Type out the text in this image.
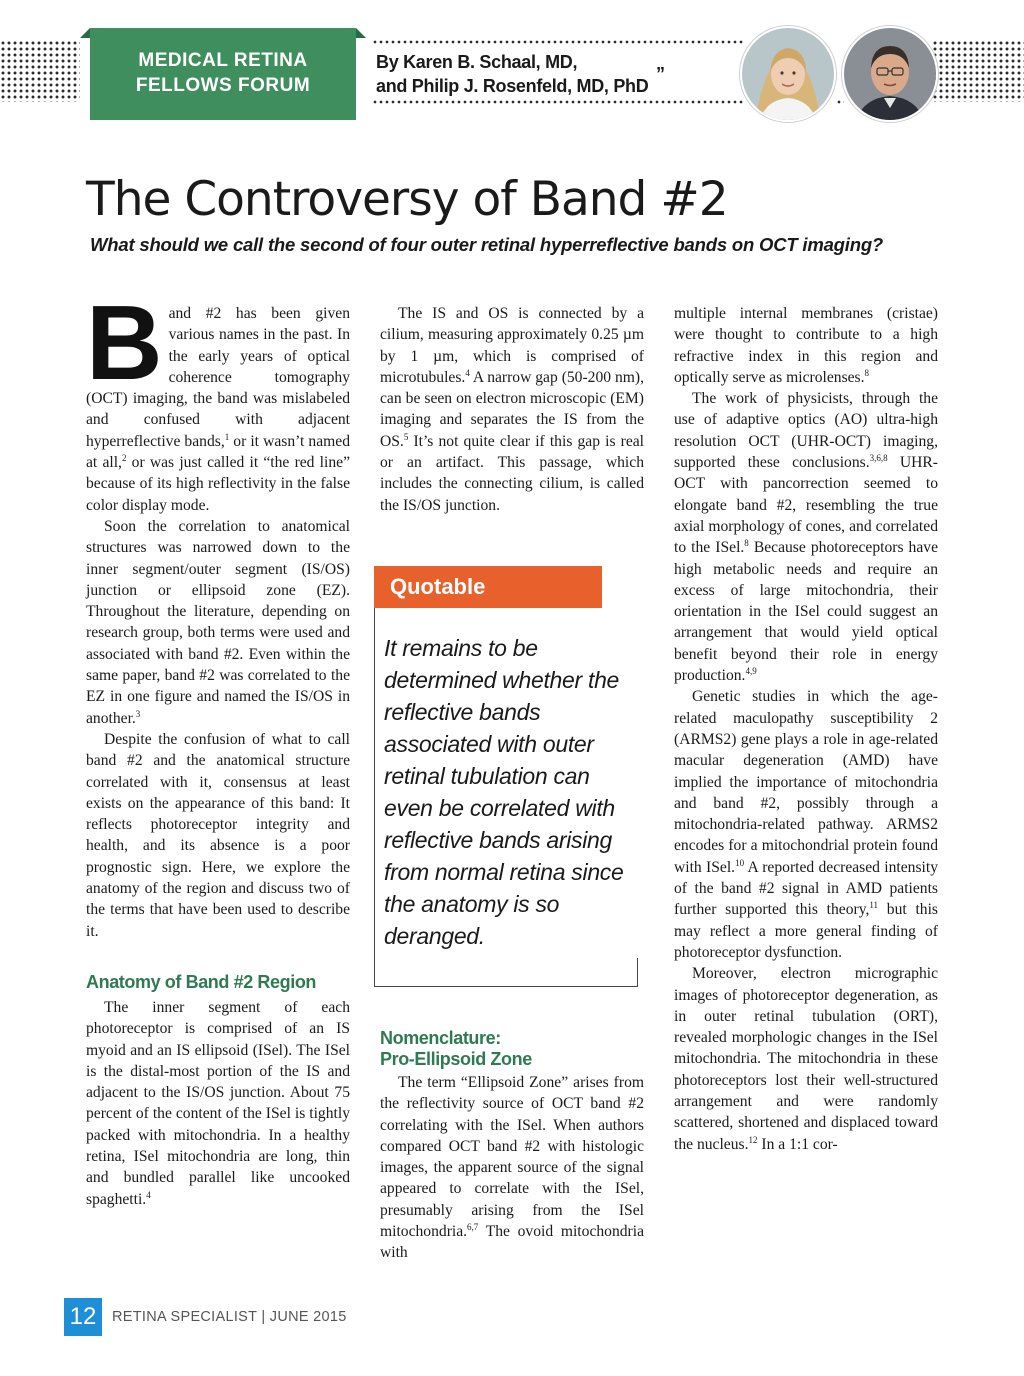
MEDICAL RETINA
FELLOWS FORUM
By Karen B. Schaal, MD,
and Philip J. Rosenfeld, MD, PhD
”
The Controversy of Band #2

What should we call the second of four outer retinal hyperreflective bands on OCT imaging?

Band #2 has been given various names in the past. In the early years of optical coherence tomography (OCT) imaging, the band was mislabeled and confused with adjacent hyperreflective bands,$^1$ or it wasn’t named at all,$^2$ or was just called it “the red line” because of its high reflectivity in the false color display mode.

Soon the correlation to anatomical structures was narrowed down to the inner segment/outer segment (IS/OS) junction or ellipsoid zone (EZ). Throughout the literature, depending on research group, both terms were used and associated with band #2. Even within the same paper, band #2 was correlated to the EZ in one figure and named the IS/OS in another.$^3$

Despite the confusion of what to call band #2 and the anatomical structure correlated with it, consensus at least exists on the appearance of this band: It reflects photoreceptor integrity and health, and its absence is a poor prognostic sign. Here, we explore the anatomy of the region and discuss two of the terms that have been used to describe it.

Anatomy of Band #2 Region

The inner segment of each photoreceptor is comprised of an IS myoid and an IS ellipsoid (ISel). The ISel is the distal-most portion of the IS and adjacent to the IS/OS junction. About 75 percent of the content of the ISel is tightly packed with mitochondria. In a healthy retina, ISel mitochondria are long, thin and bundled parallel like uncooked spaghetti.$^4$

The IS and OS is connected by a cilium, measuring approximately 0.25 µm by 1 µm, which is comprised of microtubules.$^4$ A narrow gap (50-200 nm), can be seen on electron microscopic (EM) imaging and separates the IS from the OS.$^5$ It’s not quite clear if this gap is real or an artifact. This passage, which includes the connecting cilium, is called the IS/OS junction.

Quotable
It remains to be determined whether the reflective bands associated with outer retinal tubulation can even be correlated with reflective bands arising from normal retina since the anatomy is so deranged.
Nomenclature:
Pro-Ellipsoid Zone

The term “Ellipsoid Zone” arises from the reflectivity source of OCT band #2 correlating with the ISel. When authors compared OCT band #2 with histologic images, the apparent source of the signal appeared to correlate with the ISel, presumably arising from the ISel mitochondria.$^{6,7}$ The ovoid mitochondria with

multiple internal membranes (cristae) were thought to contribute to a high refractive index in this region and optically serve as microlenses.$^8$

The work of physicists, through the use of adaptive optics (AO) ultra-high resolution OCT (UHR-OCT) imaging, supported these conclusions.$^{3,6,8}$ UHR-OCT with pancorrection seemed to elongate band #2, resembling the true axial morphology of cones, and correlated to the ISel.$^8$ Because photoreceptors have high metabolic needs and require an excess of large mitochondria, their orientation in the ISel could suggest an arrangement that would yield optical benefit beyond their role in energy production.$^{4,9}$

Genetic studies in which the age-related maculopathy susceptibility 2 (ARMS2) gene plays a role in age-related macular degeneration (AMD) have implied the importance of mitochondria and band #2, possibly through a mitochondria-related pathway. ARMS2 encodes for a mitochondrial protein found with ISel.$^{10}$ A reported decreased intensity of the band #2 signal in AMD patients further supported this theory,$^{11}$ but this may reflect a more general finding of photoreceptor dysfunction.

Moreover, electron micrographic images of photoreceptor degeneration, as in outer retinal tubulation (ORT), revealed morphologic changes in the ISel mitochondria. The mitochondria in these photoreceptors lost their well-structured arrangement and were randomly scattered, shortened and displaced toward the nucleus.$^{12}$ In a 1:1 cor-

12	RETINA SPECIALIST | JUNE 2015
